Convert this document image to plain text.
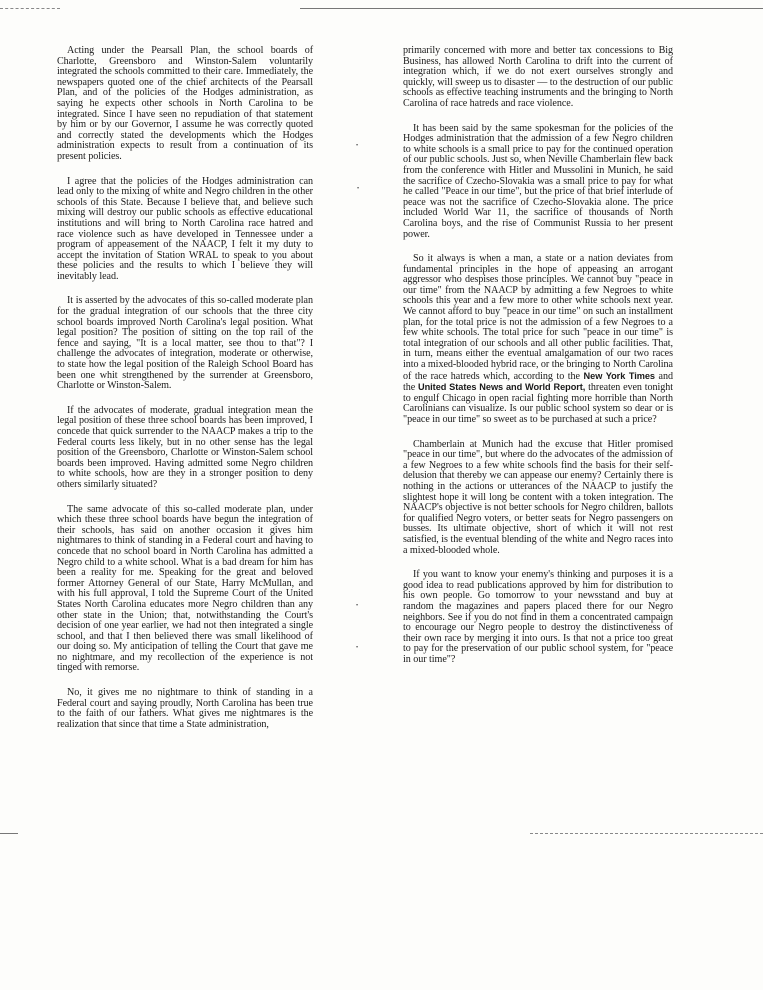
•
•
•
•

Acting under the Pearsall Plan, the school boards of Charlotte, Greensboro and Winston-Salem voluntarily integrated the schools committed to their care. Immediately, the newspapers quoted one of the chief architects of the Pearsall Plan, and of the policies of the Hodges administration, as saying he expects other schools in North Carolina to be integrated. Since I have seen no repudiation of that statement by him or by our Governor, I assume he was correctly quoted and correctly stated the developments which the Hodges administration expects to result from a continuation of its present policies.

I agree that the policies of the Hodges administration can lead only to the mixing of white and Negro children in the other schools of this State. Because I believe that, and believe such mixing will destroy our public schools as effective educational institutions and will bring to North Carolina race hatred and race violence such as have developed in Tennessee under a program of appeasement of the NAACP, I felt it my duty to accept the invitation of Station WRAL to speak to you about these policies and the results to which I believe they will inevitably lead.

It is asserted by the advocates of this so-called moderate plan for the gradual integration of our schools that the three city school boards improved North Carolina's legal position. What legal position? The position of sitting on the top rail of the fence and saying, "It is a local matter, see thou to that"? I challenge the advocates of integration, moderate or otherwise, to state how the legal position of the Raleigh School Board has been one whit strengthened by the surrender at Greensboro, Charlotte or Winston-Salem.

If the advocates of moderate, gradual integration mean the legal position of these three school boards has been improved, I concede that quick surrender to the NAACP makes a trip to the Federal courts less likely, but in no other sense has the legal position of the Greensboro, Charlotte or Winston-Salem school boards been improved. Having admitted some Negro children to white schools, how are they in a stronger position to deny others similarly situated?

The same advocate of this so-called moderate plan, under which these three school boards have begun the integration of their schools, has said on another occasion it gives him nightmares to think of standing in a Federal court and having to concede that no school board in North Carolina has admitted a Negro child to a white school. What is a bad dream for him has been a reality for me. Speaking for the great and beloved former Attorney General of our State, Harry McMullan, and with his full approval, I told the Supreme Court of the United States North Carolina educates more Negro children than any other state in the Union; that, notwithstanding the Court's decision of one year earlier, we had not then integrated a single school, and that I then believed there was small likelihood of our doing so. My anticipation of telling the Court that gave me no nightmare, and my recollection of the experience is not tinged with remorse.

No, it gives me no nightmare to think of standing in a Federal court and saying proudly, North Carolina has been true to the faith of our fathers. What gives me nightmares is the realization that since that time a State administration,

primarily concerned with more and better tax concessions to Big Business, has allowed North Carolina to drift into the current of integration which, if we do not exert ourselves strongly and quickly, will sweep us to disaster — to the destruction of our public schools as effective teaching instruments and the bringing to North Carolina of race hatreds and race violence.

It has been said by the same spokesman for the policies of the Hodges administration that the admission of a few Negro children to white schools is a small price to pay for the continued operation of our public schools. Just so, when Neville Chamberlain flew back from the conference with Hitler and Mussolini in Munich, he said the sacrifice of Czecho-Slovakia was a small price to pay for what he called "Peace in our time", but the price of that brief interlude of peace was not the sacrifice of Czecho-Slovakia alone. The price included World War 11, the sacrifice of thousands of North Carolina boys, and the rise of Communist Russia to her present power.

So it always is when a man, a state or a nation deviates from fundamental principles in the hope of appeasing an arrogant aggressor who despises those principles. We cannot buy "peace in our time" from the NAACP by admitting a few Negroes to white schools this year and a few more to other white schools next year. We cannot afford to buy "peace in our time" on such an installment plan, for the total price is not the admission of a few Negroes to a few white schools. The total price for such "peace in our time" is total integration of our schools and all other public facilities. That, in turn, means either the eventual amalgamation of our two races into a mixed-blooded hybrid race, or the bringing to North Carolina of the race hatreds which, according to the New York Times and the United States News and World Report, threaten even tonight to engulf Chicago in open racial fighting more horrible than North Carolinians can visualize. Is our public school system so dear or is "peace in our time" so sweet as to be purchased at such a price?

Chamberlain at Munich had the excuse that Hitler promised "peace in our time", but where do the advocates of the admission of a few Negroes to a few white schools find the basis for their self-delusion that thereby we can appease our enemy? Certainly there is nothing in the actions or utterances of the NAACP to justify the slightest hope it will long be content with a token integration. The NAACP's objective is not better schools for Negro children, ballots for qualified Negro voters, or better seats for Negro passengers on busses. Its ultimate objective, short of which it will not rest satisfied, is the eventual blending of the white and Negro races into a mixed-blooded whole.

If you want to know your enemy's thinking and purposes it is a good idea to read publications approved by him for distribution to his own people. Go tomorrow to your newsstand and buy at random the magazines and papers placed there for our Negro neighbors. See if you do not find in them a concentrated campaign to encourage our Negro people to destroy the distinctiveness of their own race by merging it into ours. Is that not a price too great to pay for the preservation of our public school system, for "peace in our time"?
